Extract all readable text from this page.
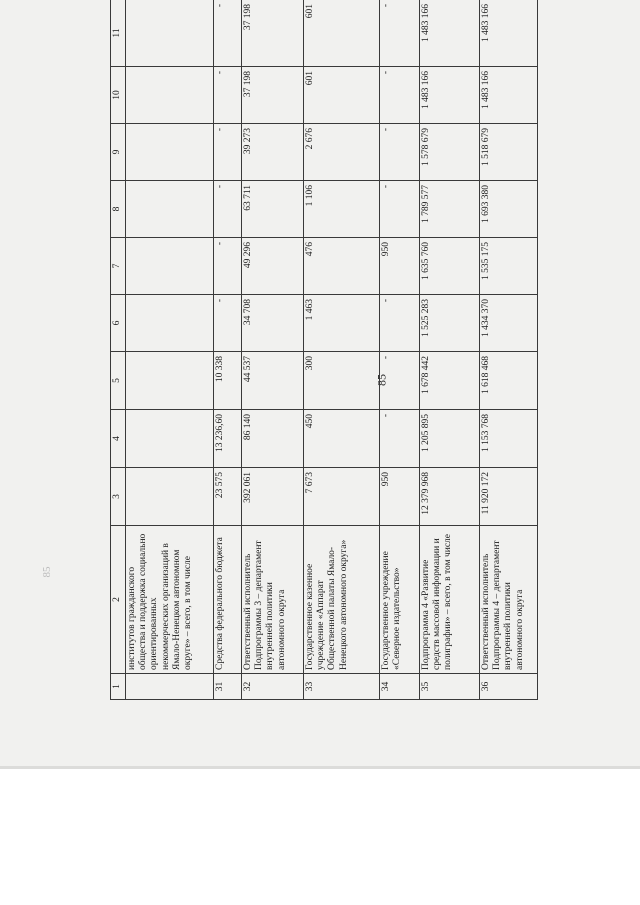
85
85
1	2	3	4	5	6	7	8	9	10	11
	институтов гражданского общества и поддержка социально ориентированных некоммерческих организаций в Ямало-Ненецком автономном округе» – всего, в том числе									
31	Средства федерального бюджета	23 575	13 236,60	10 338	-	-	-	-	-	-
32	Ответственный исполнитель Подпрограммы 3 – департамент внутренней политики автономного округа	392 061	86 140	44 537	34 708	49 296	63 711	39 273	37 198	37 198
33	Государственное казенное учреждение «Аппарат Общественной палаты Ямало-Ненецкого автономного округа»	7 673	450	300	1 463	476	1 106	2 676	601	601
34	Государственное учреждение «Северное издательство»	950	-	-	-	950	-	-	-	-
35	Подпрограмма 4 «Развитие средств массовой информации и полиграфии» – всего, в том числе	12 379 968	1 205 895	1 678 442	1 525 283	1 635 760	1 789 577	1 578 679	1 483 166	1 483 166
36	Ответственный исполнитель Подпрограммы 4 – департамент внутренней политики автономного округа	11 920 172	1 153 768	1 618 468	1 434 370	1 535 175	1 693 380	1 518 679	1 483 166	1 483 166
